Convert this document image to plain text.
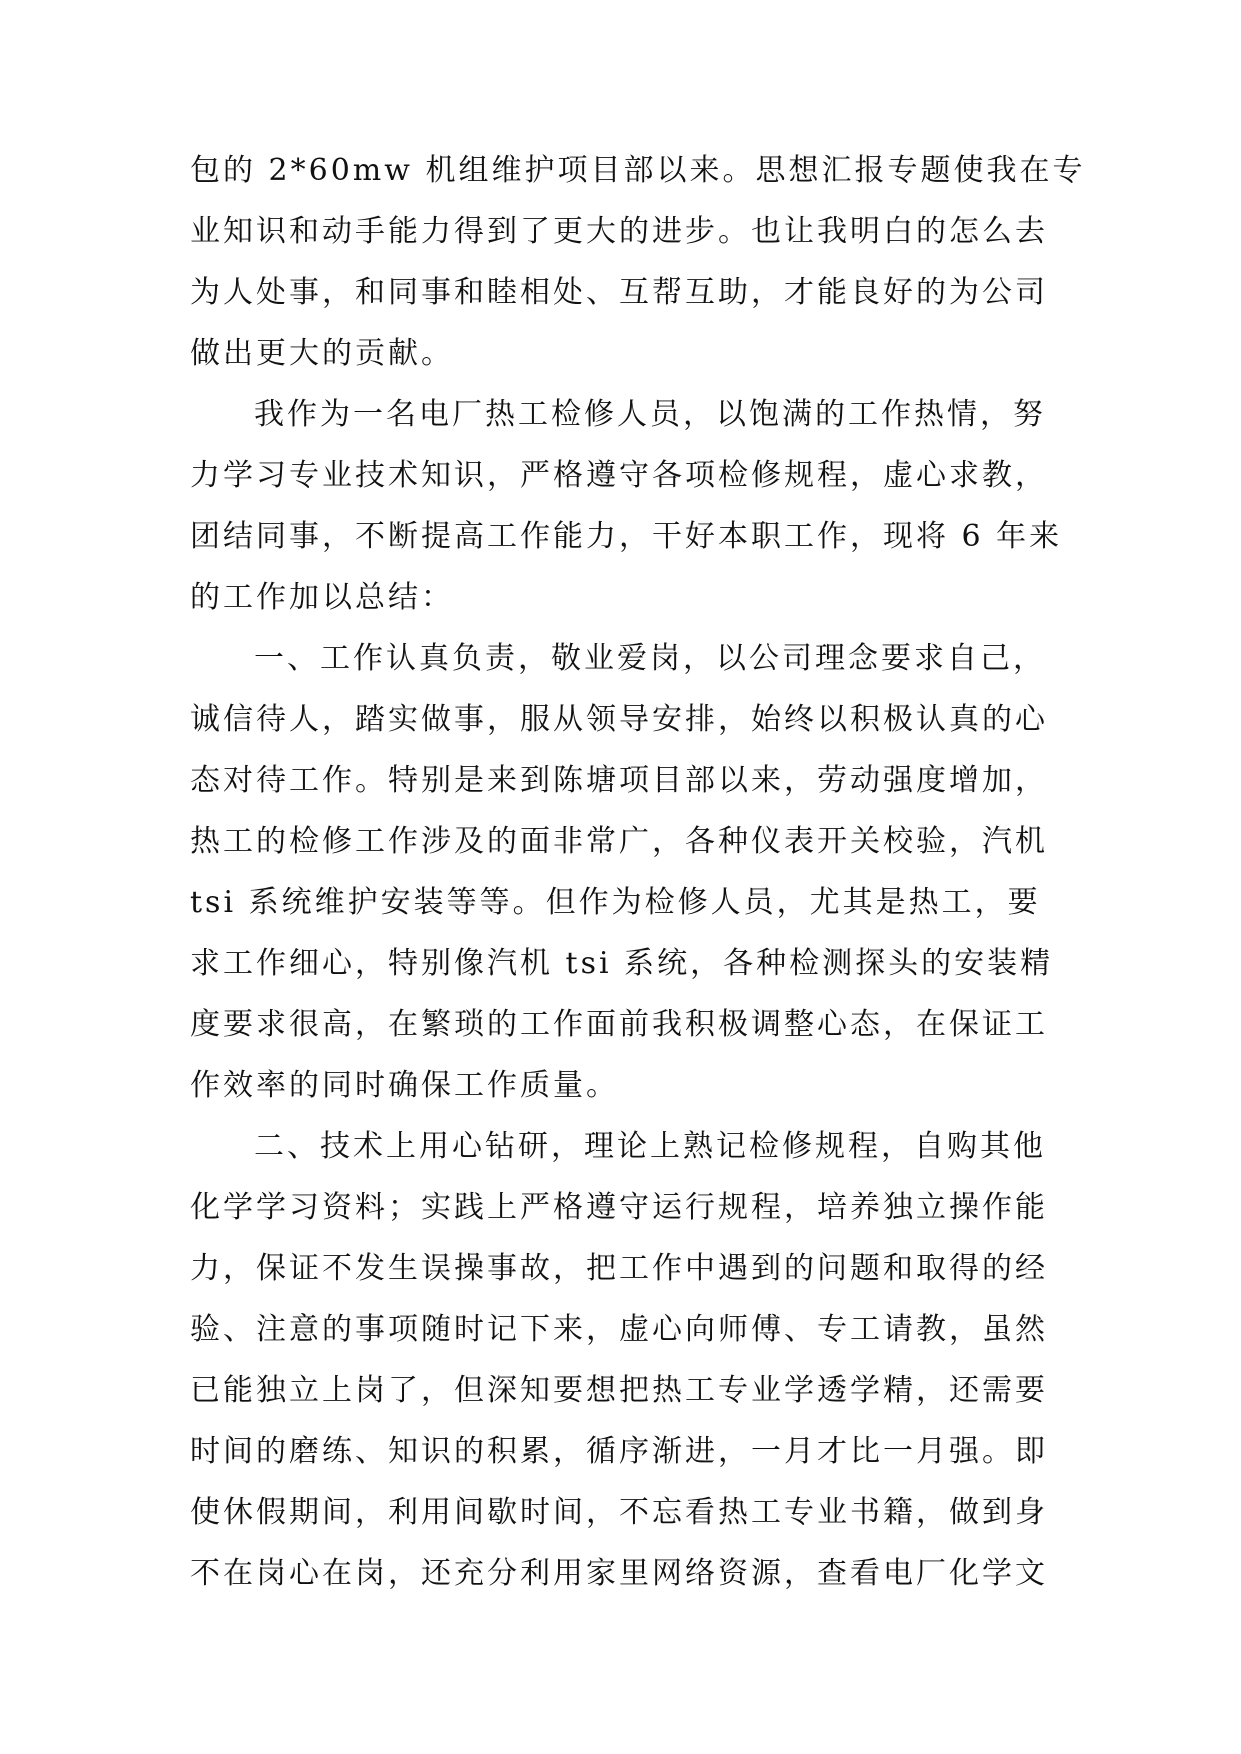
包的 2*60mw 机组维护项目部以来。思想汇报专题使我在专
业知识和动手能力得到了更大的进步。也让我明白的怎么去
为人处事，和同事和睦相处、互帮互助，才能良好的为公司
做出更大的贡献。
我作为一名电厂热工检修人员，以饱满的工作热情，努
力学习专业技术知识，严格遵守各项检修规程，虚心求教，
团结同事，不断提高工作能力，干好本职工作，现将 6 年来
的工作加以总结：
一、工作认真负责，敬业爱岗，以公司理念要求自己，
诚信待人，踏实做事，服从领导安排，始终以积极认真的心
态对待工作。特别是来到陈塘项目部以来，劳动强度增加，
热工的检修工作涉及的面非常广，各种仪表开关校验，汽机
tsi 系统维护安装等等。但作为检修人员，尤其是热工，要
求工作细心，特别像汽机 tsi 系统，各种检测探头的安装精
度要求很高，在繁琐的工作面前我积极调整心态，在保证工
作效率的同时确保工作质量。
二、技术上用心钻研，理论上熟记检修规程，自购其他
化学学习资料；实践上严格遵守运行规程，培养独立操作能
力，保证不发生误操事故，把工作中遇到的问题和取得的经
验、注意的事项随时记下来，虚心向师傅、专工请教，虽然
已能独立上岗了，但深知要想把热工专业学透学精，还需要
时间的磨练、知识的积累，循序渐进，一月才比一月强。即
使休假期间，利用间歇时间，不忘看热工专业书籍，做到身
不在岗心在岗，还充分利用家里网络资源，查看电厂化学文
